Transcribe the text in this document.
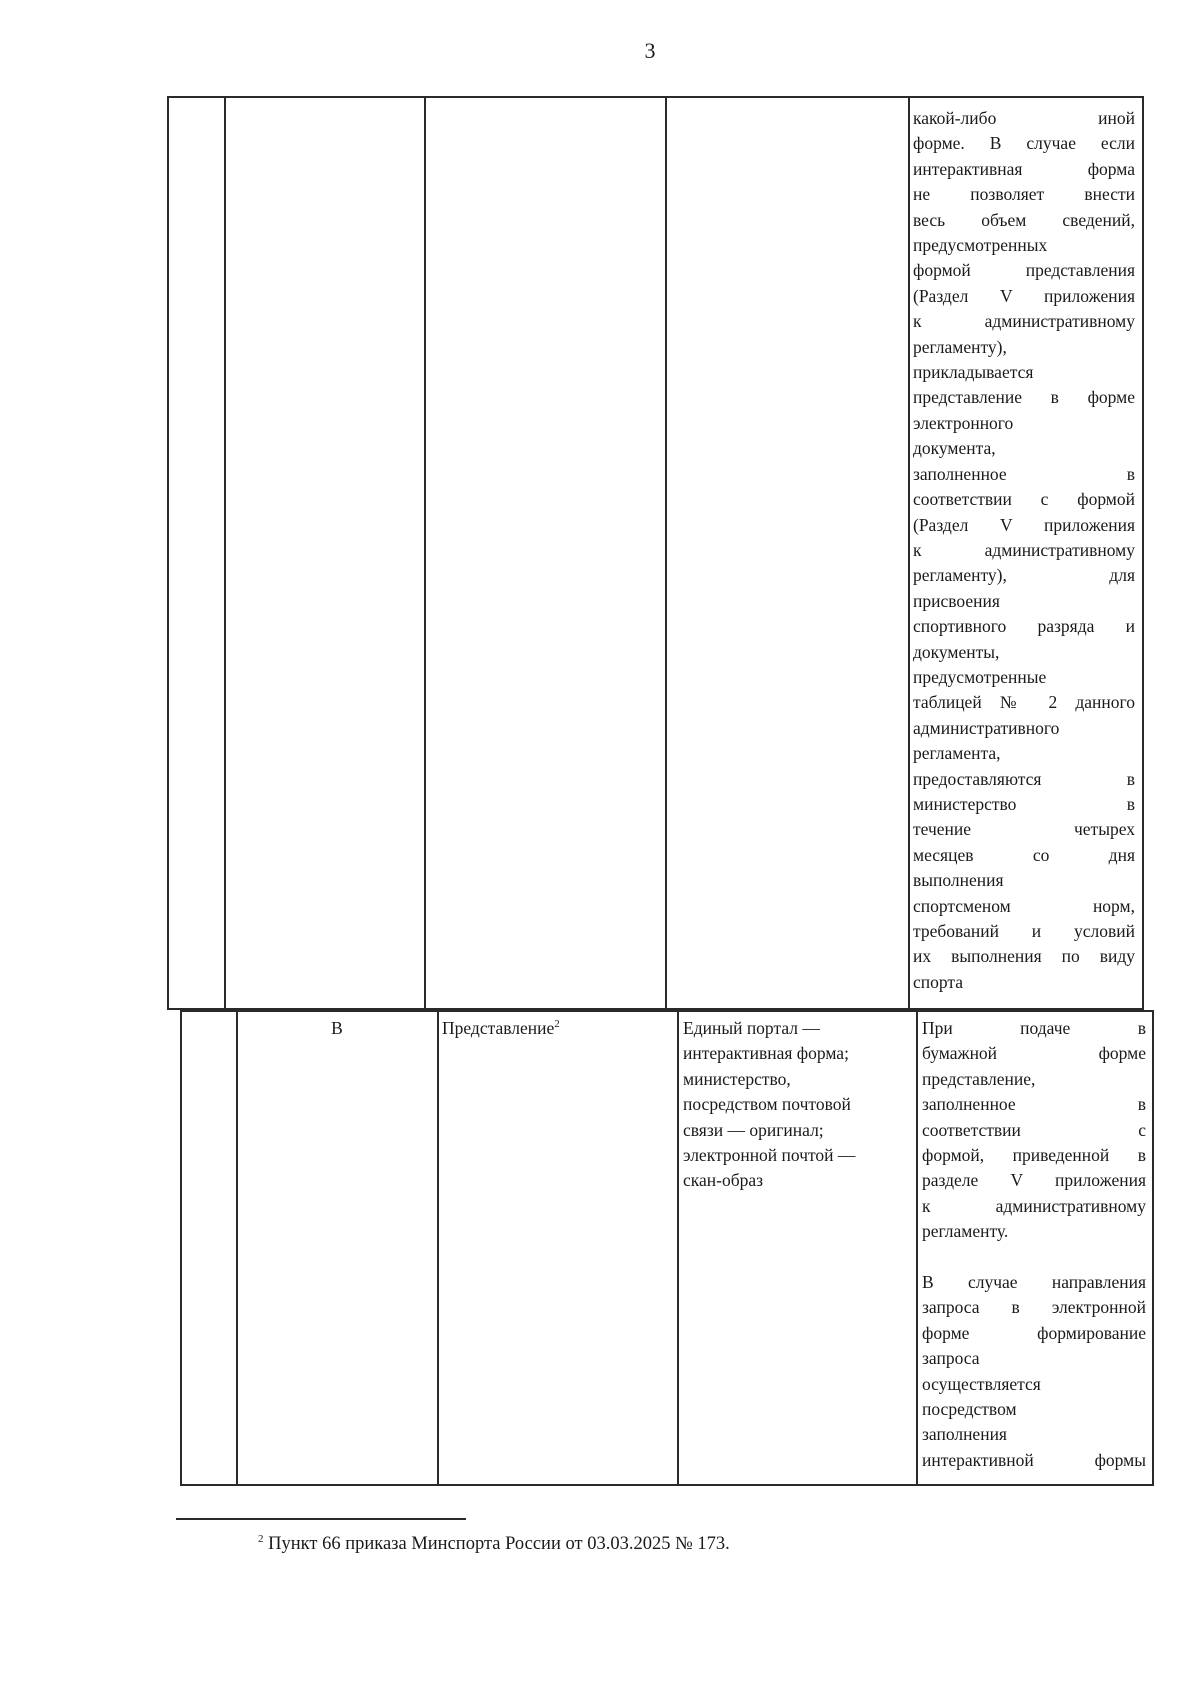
3
какой-либо иной
форме. В случае если
интерактивная форма
не позволяет внести
весь объем сведений,
предусмотренных
формой представления
(Раздел V приложения
к административному
регламенту),
прикладывается
представление в форме
электронного
документа,
заполненное в
соответствии с формой
(Раздел V приложения
к административному
регламенту), для
присвоения
спортивного разряда и
документы,
предусмотренные
таблицей № 2 данного
административного
регламента,
предоставляются в
министерство в
течение четырех
месяцев со дня
выполнения
спортсменом норм,
требований и условий
их выполнения по виду
спорта
В	Представление$^2$	Единый портал —
интерактивная форма;
министерство,
посредством почтовой
связи — оригинал;
электронной почтой —
скан-образ
При подаче в
бумажной форме
представление,
заполненное в
соответствии с
формой, приведенной в
разделе V приложения
к административному
регламенту.
В случае направления
запроса в электронной
форме формирование
запроса
осуществляется
посредством
заполнения
интерактивной формы
$^2$ Пункт 66 приказа Минспорта России от 03.03.2025 № 173.
